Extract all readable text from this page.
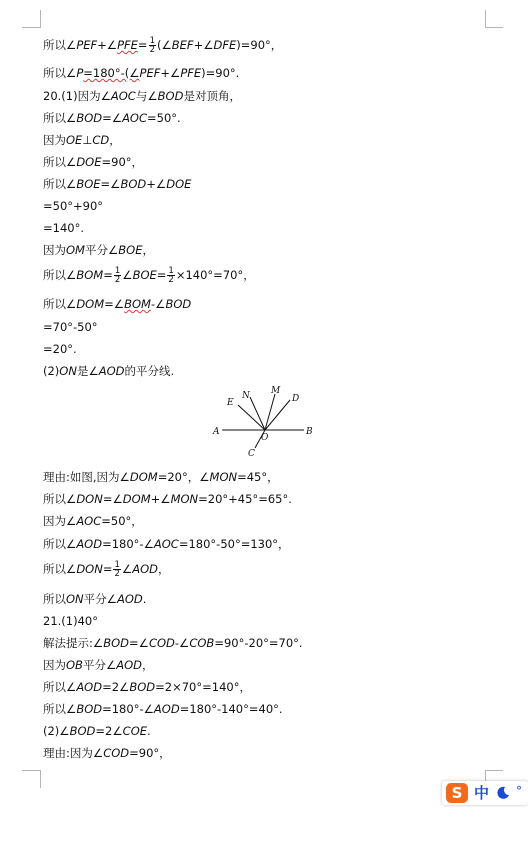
所以∠PEF+∠PFE= $\frac{1}{2}$ (∠BEF+∠DFE)=90°，
所以∠P=180°-(∠PEF+∠PFE)=90°.
20.(1)因为∠AOC与∠BOD是对顶角，
所以∠BOD=∠AOC=50°.
因为OE⊥CD，
所以∠DOE=90°，
所以∠BOE=∠BOD+∠DOE
=50°+90°
=140°.
因为OM平分∠BOE，
所以∠BOM= $\frac{1}{2}$ ∠BOE= $\frac{1}{2} \times 140^\circ=70^\circ$，
所以∠DOM=∠BOM-∠BOD
=70°-50°
=20°.
(2)ON是∠AOD的平分线.
A	B
O
C
D
E
M
N
理由:如图,因为∠DOM=20°，∠MON=45°，
所以∠DON=∠DOM+∠MON=20°+45°=65°.
因为∠AOC=50°，
所以∠AOD=180°-∠AOC=180°-50°=130°，
所以∠DON= $\frac{1}{2}$ ∠AOD，
所以ON平分∠AOD.
21.(1)40°
解法提示:∠BOD=∠COD-∠COB=90°-20°=70°.
因为OB平分∠AOD，
所以∠AOD=2∠BOD=2×70°=140°，
所以∠BOD=180°-∠AOD=180°-140°=40°.
(2)∠BOD=2∠COE.
理由:因为∠COD=90°，
S 中 °
